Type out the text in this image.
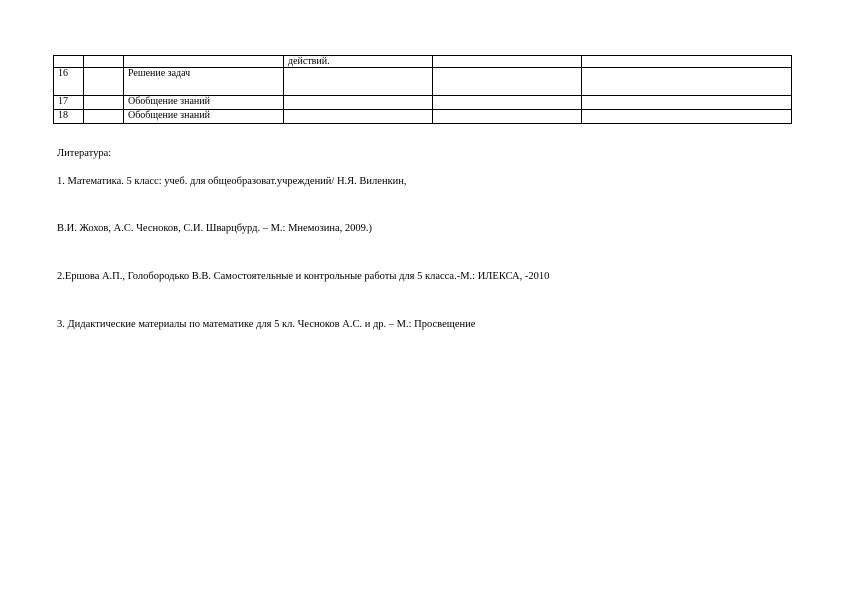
			действий.		
16		Решение задач			
17		Обобщение знаний			
18		Обобщение знаний			
Литература:
1. Математика. 5 класс: учеб. для общеобразоват.учреждений/ Н.Я. Виленкин,
В.И. Жохов, А.С. Чесноков, С.И. Шварцбурд. – М.: Мнемозина, 2009.)
2.Ершова А.П., Голобородько В.В. Самостоятельные и контрольные работы для 5 класса.-М.: ИЛЕКСА, -2010
3. Дидактические материалы по математике для 5 кл. Чесноков А.С. и др. – М.: Просвещение
